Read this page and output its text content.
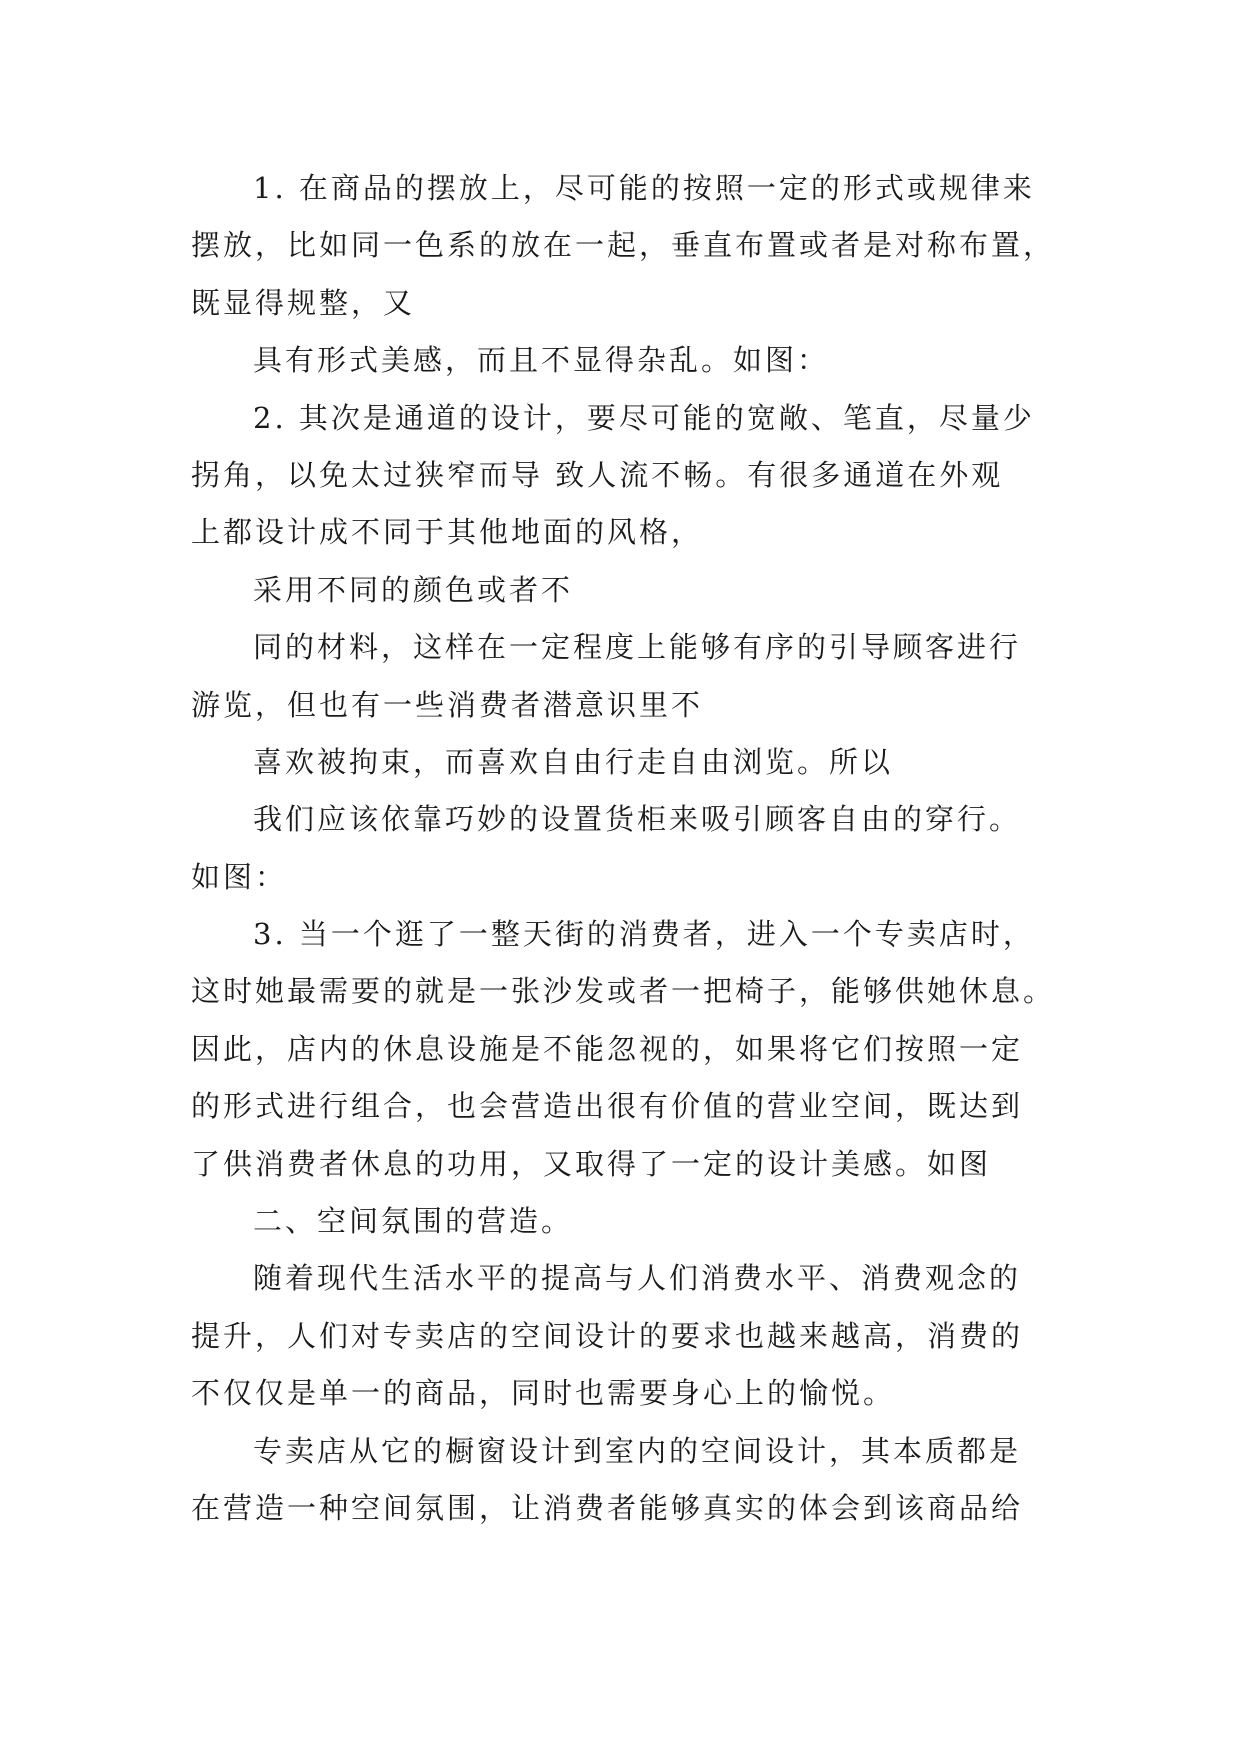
1. 在商品的摆放上，尽可能的按照一定的形式或规律来
摆放，比如同一色系的放在一起，垂直布置或者是对称布置，
既显得规整，又
具有形式美感，而且不显得杂乱。如图：
2. 其次是通道的设计，要尽可能的宽敞、笔直，尽量少
拐角，以免太过狭窄而导 致人流不畅。有很多通道在外观
上都设计成不同于其他地面的风格，
采用不同的颜色或者不
同的材料，这样在一定程度上能够有序的引导顾客进行
游览，但也有一些消费者潜意识里不
喜欢被拘束，而喜欢自由行走自由浏览。所以
我们应该依靠巧妙的设置货柜来吸引顾客自由的穿行。
如图：
3. 当一个逛了一整天街的消费者，进入一个专卖店时，
这时她最需要的就是一张沙发或者一把椅子，能够供她休息。
因此，店内的休息设施是不能忽视的，如果将它们按照一定
的形式进行组合，也会营造出很有价值的营业空间，既达到
了供消费者休息的功用，又取得了一定的设计美感。如图
二、空间氛围的营造。
随着现代生活水平的提高与人们消费水平、消费观念的
提升，人们对专卖店的空间设计的要求也越来越高，消费的
不仅仅是单一的商品，同时也需要身心上的愉悦。
专卖店从它的橱窗设计到室内的空间设计，其本质都是
在营造一种空间氛围，让消费者能够真实的体会到该商品给
